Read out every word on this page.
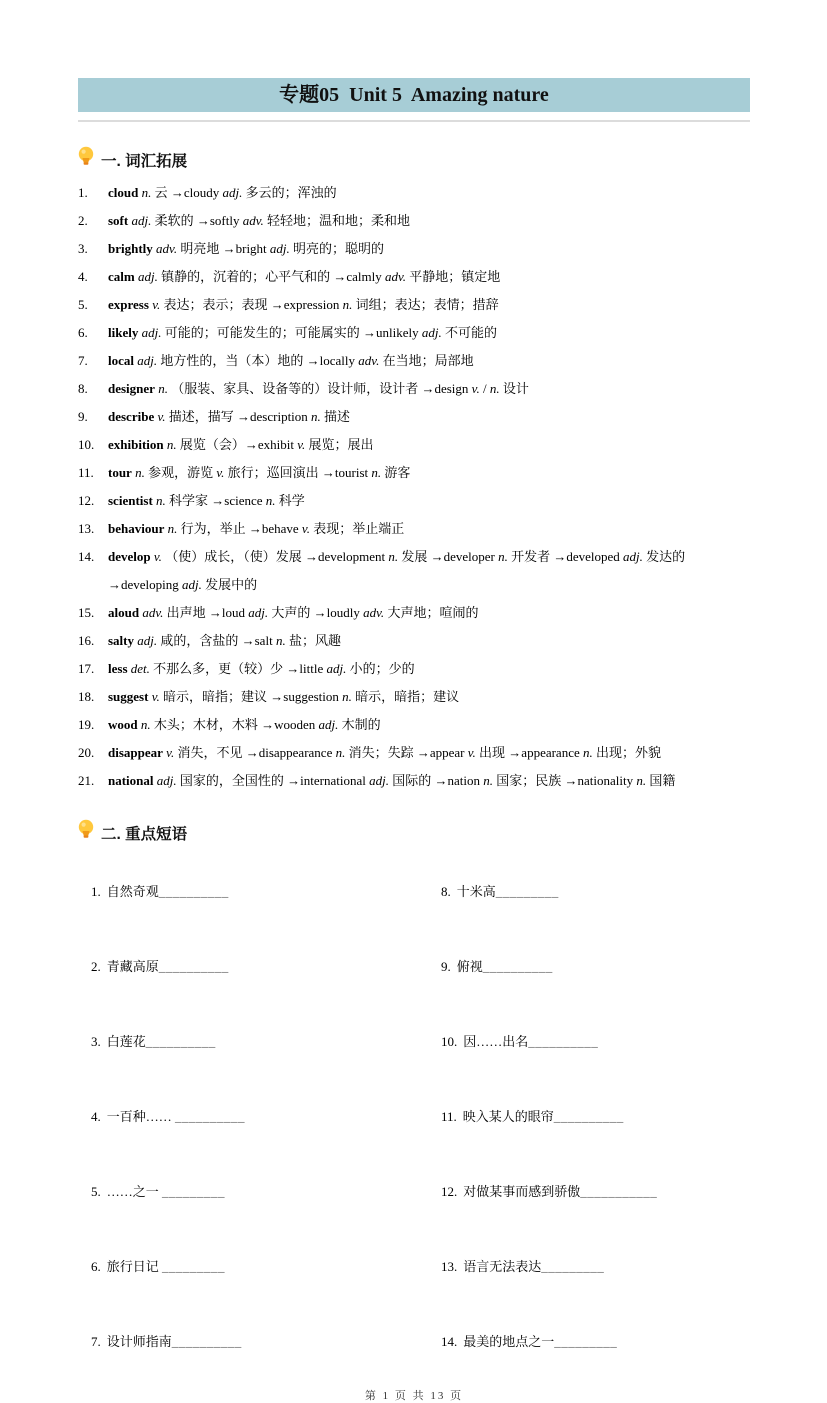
专题05  Unit 5  Amazing nature
一. 词汇拓展
1.	cloud n. 云 →cloudy adj. 多云的；浑浊的
2.	soft adj. 柔软的 →softly adv. 轻轻地；温和地；柔和地
3.	brightly adv. 明亮地 →bright adj. 明亮的；聪明的
4.	calm adj. 镇静的，沉着的；心平气和的 →calmly adv. 平静地；镇定地
5.	express v. 表达；表示；表现 →expression n. 词组；表达；表情；措辞
6.	likely adj. 可能的；可能发生的；可能属实的 →unlikely adj. 不可能的
7.	local adj. 地方性的，当（本）地的 →locally adv. 在当地；局部地
8.	designer n. （服装、家具、设备等的）设计师，设计者 →design v. / n. 设计
9.	describe v. 描述，描写 →description n. 描述
10.	exhibition n. 展览（会）→exhibit v. 展览；展出
11.	tour n. 参观，游览 v. 旅行；巡回演出 →tourist n. 游客
12.	scientist n. 科学家 →science n. 科学
13.	behaviour n. 行为，举止 →behave v. 表现；举止端正
14.	develop v. （使）成长，（使）发展 →development n. 发展 →developer n. 开发者 →developed adj. 发达的→developing adj. 发展中的
15.	aloud adv. 出声地 →loud adj. 大声的 →loudly adv. 大声地；喧闹的
16.	salty adj. 咸的，含盐的 →salt n. 盐；风趣
17.	less det. 不那么多，更（较）少 →little adj. 小的；少的
18.	suggest v. 暗示，暗指；建议 →suggestion n. 暗示，暗指；建议
19.	wood n. 木头；木材，木料 →wooden adj. 木制的
20.	disappear v. 消失，不见 →disappearance n. 消失；失踪 →appear v. 出现 →appearance n. 出现；外貌
21.	national adj. 国家的，全国性的 →international adj. 国际的 →nation n. 国家；民族 →nationality n. 国籍
二. 重点短语

1. 自然奇观__________

2. 青藏高原__________

3. 白莲花__________

4. 一百种…… __________

5. ……之一 _________

6. 旅行日记 _________

7. 设计师指南__________

8. 十米高_________

9. 俯视__________

10. 因……出名__________

11. 映入某人的眼帘__________

12. 对做某事而感到骄傲___________

13. 语言无法表达_________

14. 最美的地点之一_________

第 1 页 共 13 页
